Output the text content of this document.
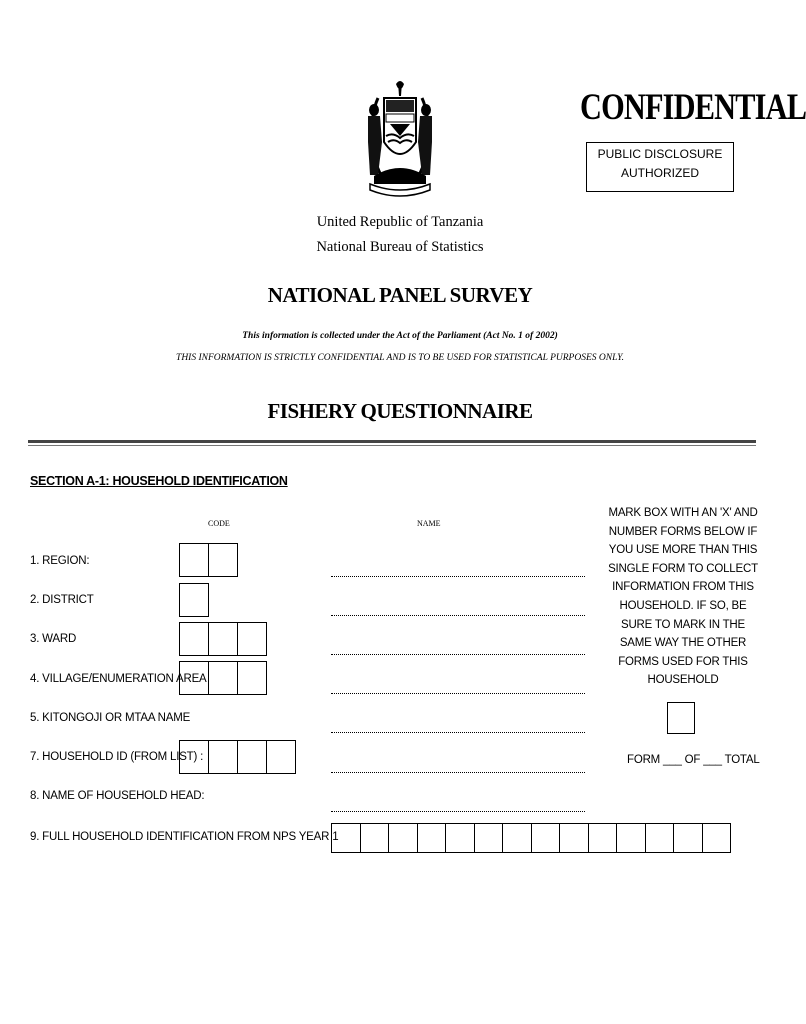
CONFIDENTIAL
PUBLIC DISCLOSURE
AUTHORIZED
United Republic of Tanzania
National Bureau of Statistics
NATIONAL PANEL SURVEY
This information is collected under the Act of the Parliament (Act No. 1 of 2002)
THIS INFORMATION IS STRICTLY CONFIDENTIAL AND IS TO BE USED FOR STATISTICAL PURPOSES ONLY.
FISHERY QUESTIONNAIRE
SECTION A-1: HOUSEHOLD IDENTIFICATION
CODE	NAME
1. REGION:
2. DISTRICT
3. WARD
4. VILLAGE/ENUMERATION AREA
5. KITONGOJI OR MTAA NAME
7. HOUSEHOLD ID (FROM LIST) :
8. NAME OF HOUSEHOLD HEAD:
9. FULL HOUSEHOLD IDENTIFICATION FROM NPS YEAR 1
MARK BOX WITH AN 'X' AND NUMBER FORMS BELOW IF YOU USE MORE THAN THIS SINGLE FORM TO COLLECT INFORMATION FROM THIS HOUSEHOLD. IF SO, BE SURE TO MARK IN THE SAME WAY THE OTHER FORMS USED FOR THIS HOUSEHOLD
FORM ___ OF ___ TOTAL
